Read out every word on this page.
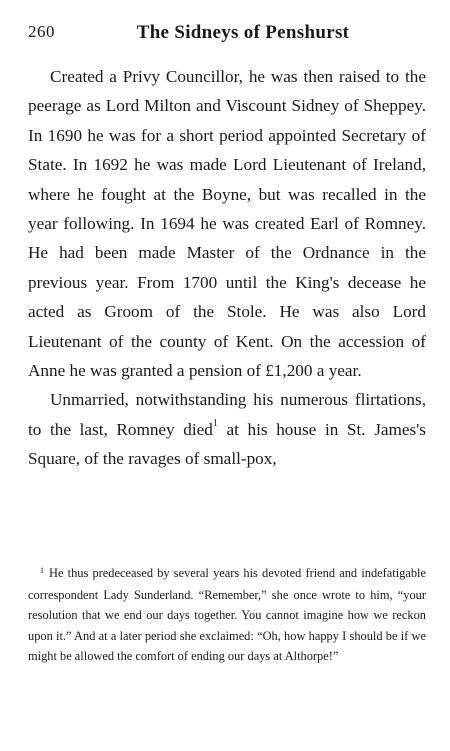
260	The Sidneys of Penshurst

Created a Privy Councillor, he was then raised to the peerage as Lord Milton and Viscount Sidney of Sheppey. In 1690 he was for a short period appointed Secretary of State. In 1692 he was made Lord Lieutenant of Ireland, where he fought at the Boyne, but was recalled in the year following. In 1694 he was created Earl of Romney. He had been made Master of the Ordnance in the previous year. From 1700 until the King's decease he acted as Groom of the Stole. He was also Lord Lieutenant of the county of Kent. On the accession of Anne he was granted a pension of £1,200 a year.

Unmarried, notwithstanding his numerous flirtations, to the last, Romney died$^1$ at his house in St. James's Square, of the ravages of small-pox,

$^1$ He thus predeceased by several years his devoted friend and indefatigable correspondent Lady Sunderland. “Remember,” she once wrote to him, “your resolution that we end our days together. You cannot imagine how we reckon upon it.” And at a later period she exclaimed: “Oh, how happy I should be if we might be allowed the comfort of ending our days at Althorpe!”
